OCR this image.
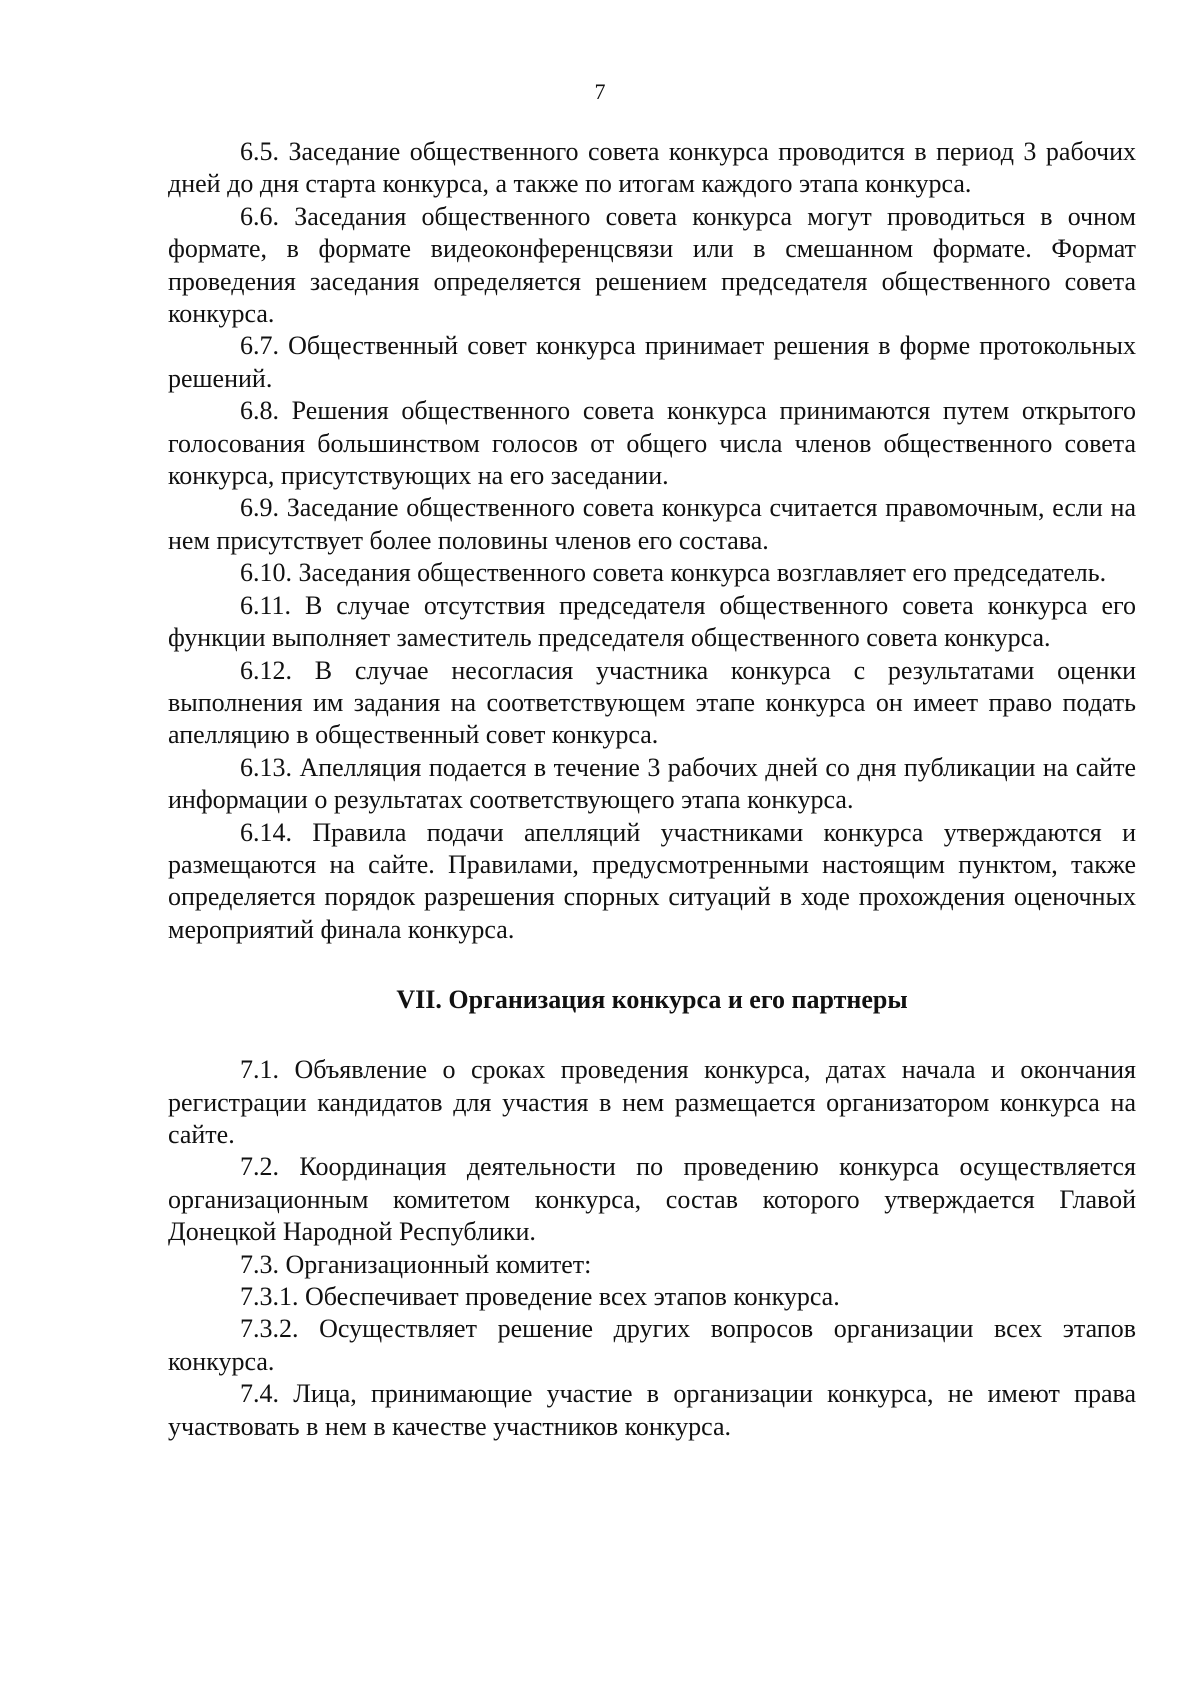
7

6.5. Заседание общественного совета конкурса проводится в период 3 рабочих дней до дня старта конкурса, а также по итогам каждого этапа конкурса.

6.6. Заседания общественного совета конкурса могут проводиться в очном формате, в формате видеоконференцсвязи или в смешанном формате. Формат проведения заседания определяется решением председателя общественного совета конкурса.

6.7. Общественный совет конкурса принимает решения в форме протокольных решений.

6.8. Решения общественного совета конкурса принимаются путем открытого голосования большинством голосов от общего числа членов общественного совета конкурса, присутствующих на его заседании.

6.9. Заседание общественного совета конкурса считается правомочным, если на нем присутствует более половины членов его состава.

6.10. Заседания общественного совета конкурса возглавляет его председатель.

6.11. В случае отсутствия председателя общественного совета конкурса его функции выполняет заместитель председателя общественного совета конкурса.

6.12. В случае несогласия участника конкурса с результатами оценки выполнения им задания на соответствующем этапе конкурса он имеет право подать апелляцию в общественный совет конкурса.

6.13. Апелляция подается в течение 3 рабочих дней со дня публикации на сайте информации о результатах соответствующего этапа конкурса.

6.14. Правила подачи апелляций участниками конкурса утверждаются и размещаются на сайте. Правилами, предусмотренными настоящим пунктом, также определяется порядок разрешения спорных ситуаций в ходе прохождения оценочных мероприятий финала конкурса.

VII. Организация конкурса и его партнеры

7.1. Объявление о сроках проведения конкурса, датах начала и окончания регистрации кандидатов для участия в нем размещается организатором конкурса на сайте.

7.2. Координация деятельности по проведению конкурса осуществляется организационным комитетом конкурса, состав которого утверждается Главой Донецкой Народной Республики.

7.3. Организационный комитет:

7.3.1. Обеспечивает проведение всех этапов конкурса.

7.3.2. Осуществляет решение других вопросов организации всех этапов конкурса.

7.4. Лица, принимающие участие в организации конкурса, не имеют права участвовать в нем в качестве участников конкурса.
